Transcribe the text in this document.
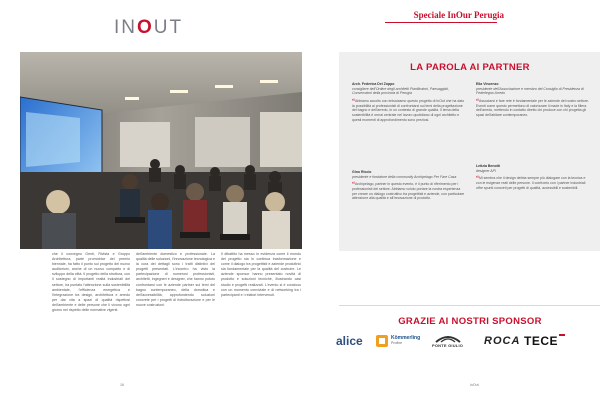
INOUT
Speciale InOur Perugia
che il convegno Genti, Rivista e Gruppo Architettura, parte promotrice del premio biennale, ha fatto il punto sul progetto del nuovo auditorium, anche di un nuovo comparto e di sviluppo della città. Il progetto della struttura, con il sostegno di importanti realtà industriali del settore, ha puntato l'attenzione sulla sostenibilità ambientale, l'efficienza energetica e l'integrazione tra design, architettura e arredo per dar vita a spazi di qualità rispettosi dell'ambiente e delle persone che li vivono ogni giorno nel rispetto delle normative vigenti.
dell'ambiente domestico e professionale. La qualità delle soluzioni, l'innovazione tecnologica e la cura dei dettagli sono i tratti distintivi dei progetti presentati. L'incontro ha visto la partecipazione di numerosi professionisti, architetti, ingegneri e designer, che hanno potuto confrontarsi con le aziende partner sui temi del bagno contemporaneo, della domotica e dell'accessibilità, approfondendo soluzioni concrete per i progetti di ristrutturazione e per le nuove costruzioni.
Il dibattito ha messo in evidenza come il mondo del progetto sia in continua trasformazione e come il dialogo tra progettisti e aziende produttrici sia fondamentale per la qualità del costruire. Le aziende sponsor hanno presentato novità di prodotto e soluzioni tecniche, illustrando casi studio e progetti realizzati. L'evento si è concluso con un momento conviviale e di networking tra i partecipanti e i relatori intervenuti.
LA PAROLA AI PARTNER
Arch. Federica Del Zoppo
consigliere dell'Ordine degli architetti Pianificatori, Paesaggisti, Conservatori della provincia di Perugia
“Abbiamo accolto con entusiasmo questo progetto di InOut che ha dato la possibilità ai professionisti di confrontarsi sui temi della progettazione del bagno e dell'arredo, in un contesto di grande qualità. Il tema della sostenibilità è ormai centrale nel lavoro quotidiano di ogni architetto e questi momenti di approfondimento sono preziosi.
Gino Riccio
presidente e fondatore della community Archipelago Per Fare Casa
“Archipelago, partner in questo evento, è il punto di riferimento per i professionisti del settore. Abbiamo voluto portare la nostra esperienza per creare un dialogo costruttivo tra progettisti e aziende, con particolare attenzione alla qualità e all'innovazione di prodotto.
Elia Vincenzo
presidente dell'Associazione e membro del Consiglio di Presidenza di Federlegno Arredo
“Associarsi e fare rete è fondamentale per le aziende del nostro settore. Eventi come questo permettono di valorizzare il made in Italy e la filiera dell'arredo, mettendo in contatto diretto chi produce con chi progetta gli spazi dell'abitare contemporaneo.
Letizia Benotti
designer API
“Mi sembra che il design debba sempre più dialogare con la tecnica e con le esigenze reali delle persone. Il confronto con i partner industriali offre spunti concreti per progetti di qualità, accessibili e sostenibili.
GRAZIE AI NOSTRI SPONSOR
alice	Kömmerling
Profine	PONTE GIULIO ROCA TECE
16	InOut
